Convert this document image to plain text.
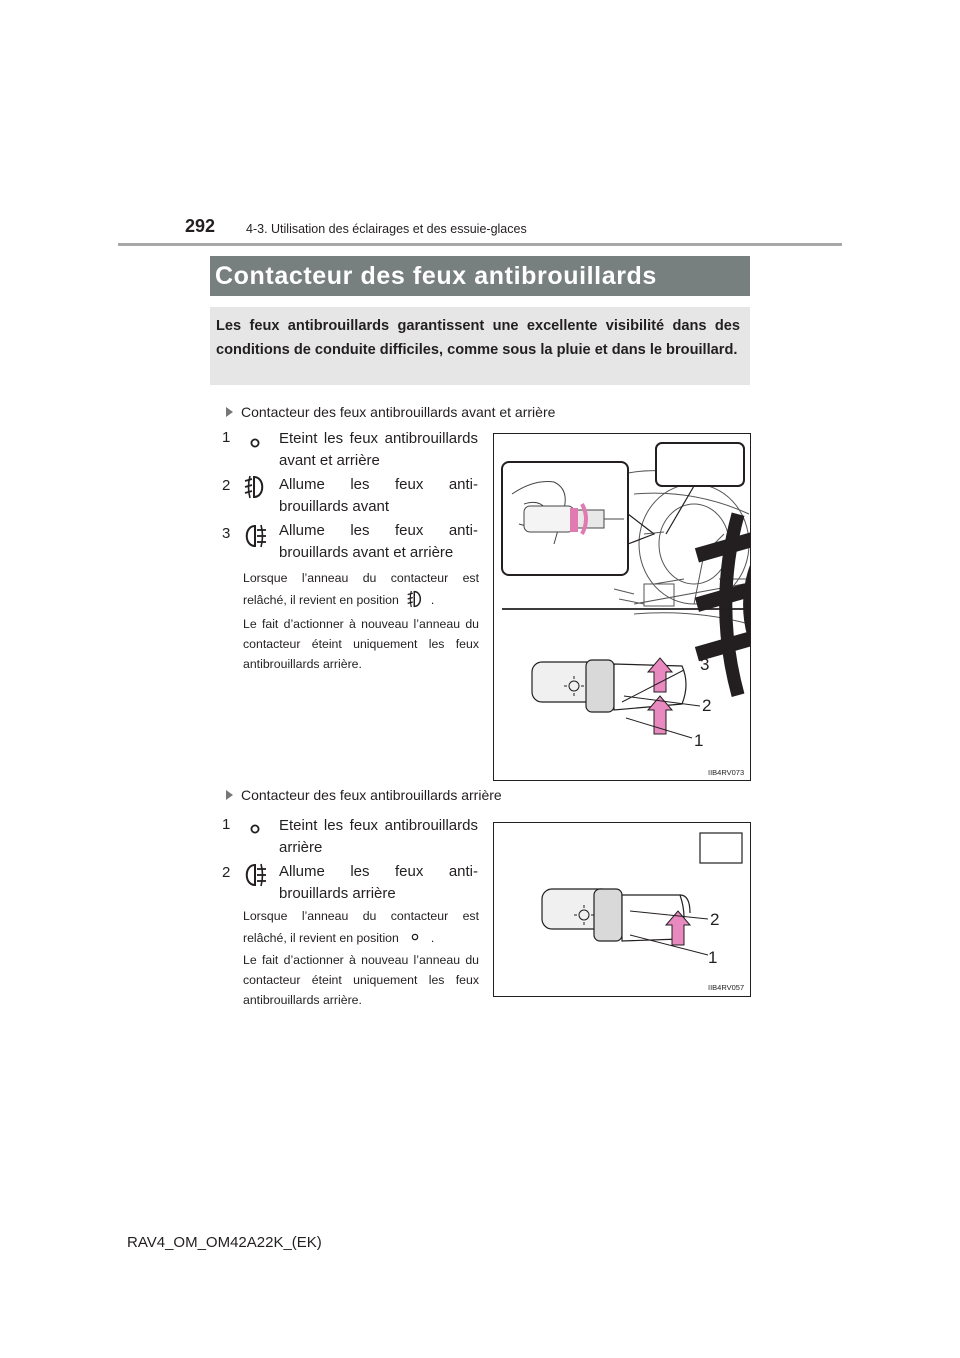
292 4-3. Utilisation des éclairages et des essuie-glaces
Contacteur des feux antibrouillards
Les feux antibrouillards garantissent une excellente visibilité dans des conditions de conduite difficiles, comme sous la pluie et dans le brouillard.
Contacteur des feux antibrouillards avant et arrière
1	Eteint les feux antibrouillards avant et arrière
2	Allume les feux anti-brouillards avant
3	Allume les feux anti-brouillards avant et arrière
Lorsque l’anneau du contacteur est relâché, il revient en position	.
Le fait d’actionner à nouveau l’anneau du contacteur éteint uniquement les feux antibrouillards arrière.	3
2
1
IIB4RV073
Contacteur des feux antibrouillards arrière
1	Eteint les feux antibrouillards arrière
2	Allume les feux anti-brouillards arrière
Lorsque l’anneau du contacteur est relâché, il revient en position	.
Le fait d’actionner à nouveau l’anneau du contacteur éteint uniquement les feux antibrouillards arrière.
2
1
IIB4RV057
RAV4_OM_OM42A22K_(EK)
